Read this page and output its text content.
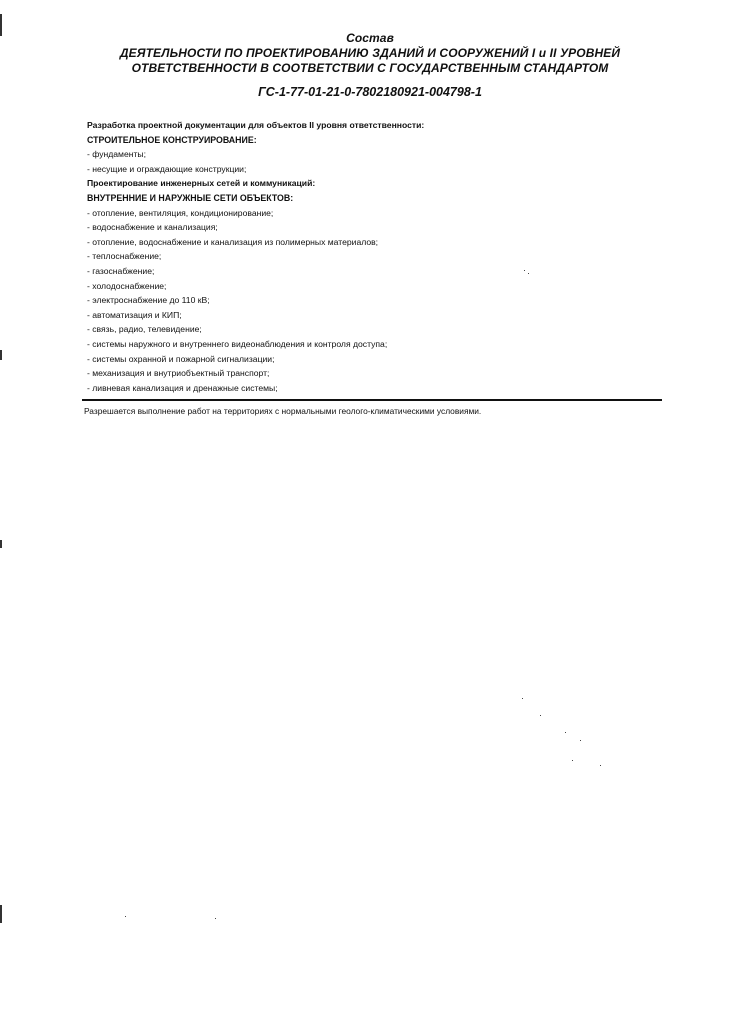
Состав
ДЕЯТЕЛЬНОСТИ ПО ПРОЕКТИРОВАНИЮ ЗДАНИЙ И СООРУЖЕНИЙ I и II УРОВНЕЙ
ОТВЕТСТВЕННОСТИ В СООТВЕТСТВИИ С ГОСУДАРСТВЕННЫМ СТАНДАРТОМ
ГС-1-77-01-21-0-7802180921-004798-1
Разработка проектной документации для объектов II уровня ответственности:
СТРОИТЕЛЬНОЕ КОНСТРУИРОВАНИЕ:
- фундаменты;
- несущие и ограждающие конструкции;
Проектирование инженерных сетей и коммуникаций:
ВНУТРЕННИЕ И НАРУЖНЫЕ СЕТИ ОБЪЕКТОВ:
- отопление, вентиляция, кондиционирование;
- водоснабжение и канализация;
- отопление, водоснабжение и канализация из полимерных материалов;
- теплоснабжение;
- газоснабжение;
- холодоснабжение;
- электроснабжение до 110 кВ;
- автоматизация и КИП;
- связь, радио, телевидение;
- системы наружного и внутреннего видеонаблюдения и контроля доступа;
- системы охранной и пожарной сигнализации;
- механизация и внутриобъектный транспорт;
- ливневая канализация и дренажные системы;
Разрешается выполнение работ на территориях с нормальными геолого-климатическими условиями.
